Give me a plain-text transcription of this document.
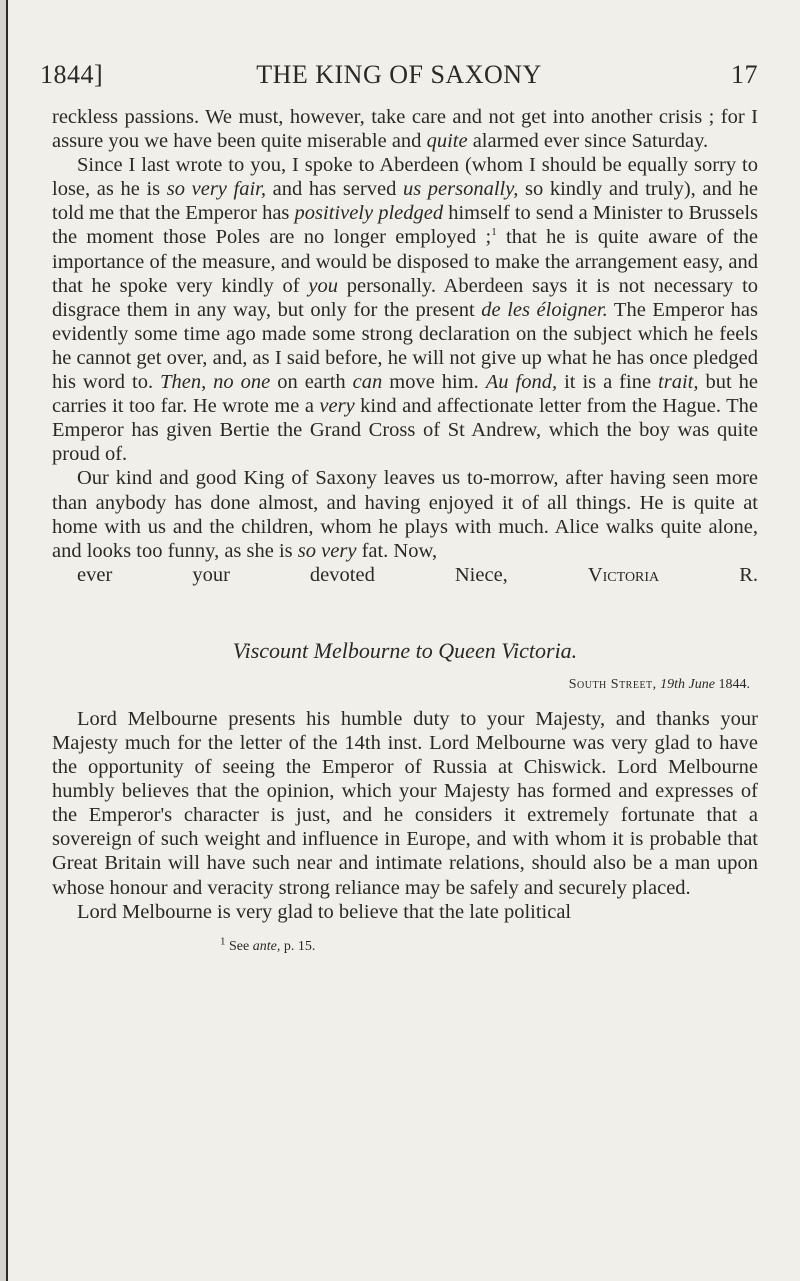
1844]	THE KING OF SAXONY	17

reckless passions. We must, however, take care and not get into another crisis ; for I assure you we have been quite miserable and quite alarmed ever since Saturday.

Since I last wrote to you, I spoke to Aberdeen (whom I should be equally sorry to lose, as he is so very fair, and has served us personally, so kindly and truly), and he told me that the Emperor has positively pledged himself to send a Minister to Brussels the moment those Poles are no longer employed ;$^1$ that he is quite aware of the importance of the measure, and would be disposed to make the arrangement easy, and that he spoke very kindly of you personally. Aberdeen says it is not necessary to disgrace them in any way, but only for the present de les éloigner. The Emperor has evidently some time ago made some strong declaration on the subject which he feels he cannot get over, and, as I said before, he will not give up what he has once pledged his word to. Then, no one on earth can move him. Au fond, it is a fine trait, but he carries it too far. He wrote me a very kind and affectionate letter from the Hague. The Emperor has given Bertie the Grand Cross of St Andrew, which the boy was quite proud of.

Our kind and good King of Saxony leaves us to-morrow, after having seen more than anybody has done almost, and having enjoyed it of all things. He is quite at home with us and the children, whom he plays with much. Alice walks quite alone, and looks too funny, as she is so very fat. Now,
ever your devoted Niece,	Victoria R.

Viscount Melbourne to Queen Victoria.

South Street, 19th June 1844.

Lord Melbourne presents his humble duty to your Majesty, and thanks your Majesty much for the letter of the 14th inst. Lord Melbourne was very glad to have the opportunity of seeing the Emperor of Russia at Chiswick. Lord Melbourne humbly believes that the opinion, which your Majesty has formed and expresses of the Emperor's character is just, and he considers it extremely fortunate that a sovereign of such weight and influence in Europe, and with whom it is probable that Great Britain will have such near and intimate relations, should also be a man upon whose honour and veracity strong reliance may be safely and securely placed.

Lord Melbourne is very glad to believe that the late political

$^1$ See ante, p. 15.
